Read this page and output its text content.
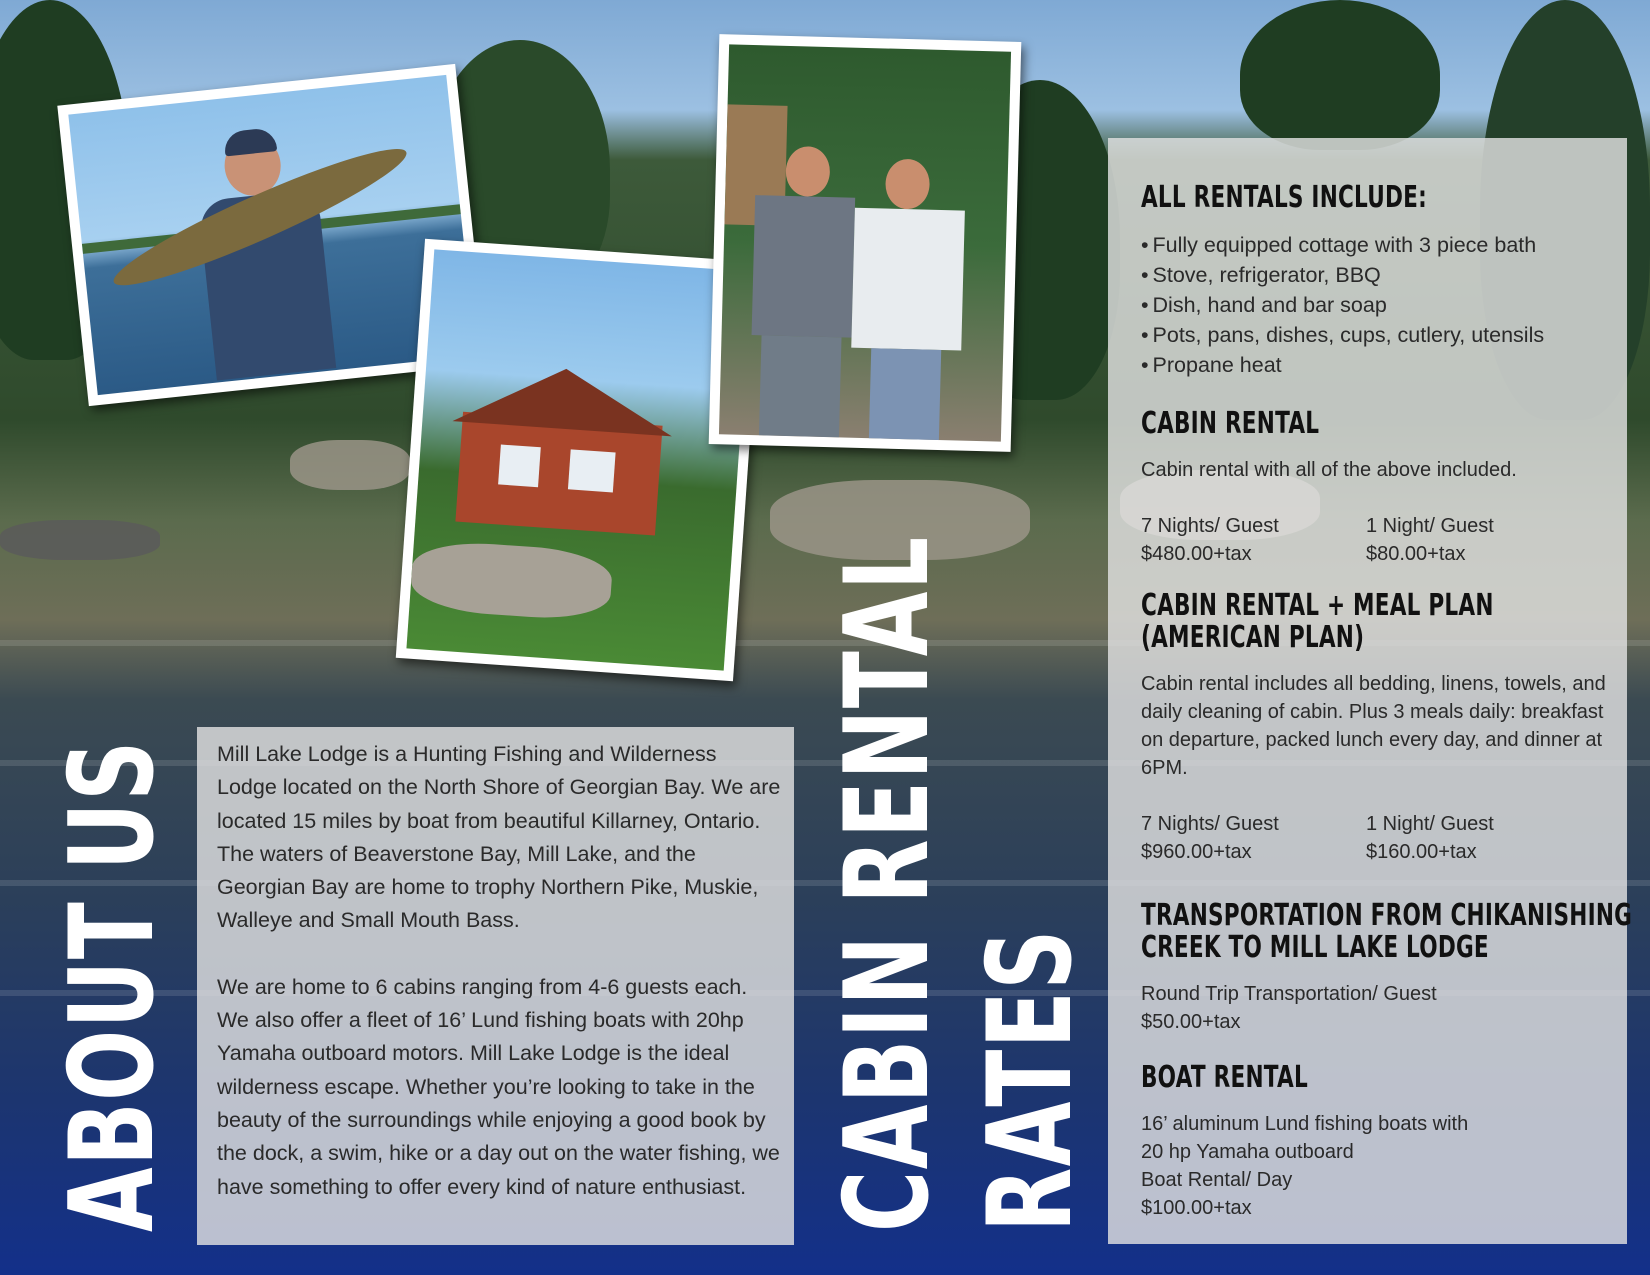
Mill Lake Lodge is a Hunting Fishing and Wilderness Lodge located on the North Shore of Georgian Bay. We are located 15 miles by boat from beautiful Killarney, Ontario. The waters of Beaverstone Bay, Mill Lake, and the Georgian Bay are home to trophy Northern Pike, Muskie, Walleye and Small Mouth Bass.

We are home to 6 cabins ranging from 4-6 guests each. We also offer a fleet of 16’ Lund fishing boats with 20hp Yamaha outboard motors. Mill Lake Lodge is the ideal wilderness escape. Whether you’re looking to take in the beauty of the surroundings while enjoying a good book by the dock, a swim, hike or a day out on the water fishing, we have something to offer every kind of nature enthusiast.

ABOUT US	CABIN RENTAL RATES
ALL RENTALS INCLUDE:
• Fully equipped cottage with 3 piece bath
• Stove, refrigerator, BBQ
• Dish, hand and bar soap
• Pots, pans, dishes, cups, cutlery, utensils
• Propane heat
CABIN RENTAL
Cabin rental with all of the above included.
7 Nights/ Guest
$480.00+tax
1 Night/ Guest
$80.00+tax
CABIN RENTAL + MEAL PLAN
(AMERICAN PLAN)
Cabin rental includes all bedding, linens, towels, and daily cleaning of cabin. Plus 3 meals daily: breakfast on departure, packed lunch every day, and dinner at 6PM.
7 Nights/ Guest
$960.00+tax
1 Night/ Guest
$160.00+tax
TRANSPORTATION FROM CHIKANISHING
CREEK TO MILL LAKE LODGE
Round Trip Transportation/ Guest
$50.00+tax
BOAT RENTAL
16’ aluminum Lund fishing boats with
20 hp Yamaha outboard
Boat Rental/ Day
$100.00+tax
